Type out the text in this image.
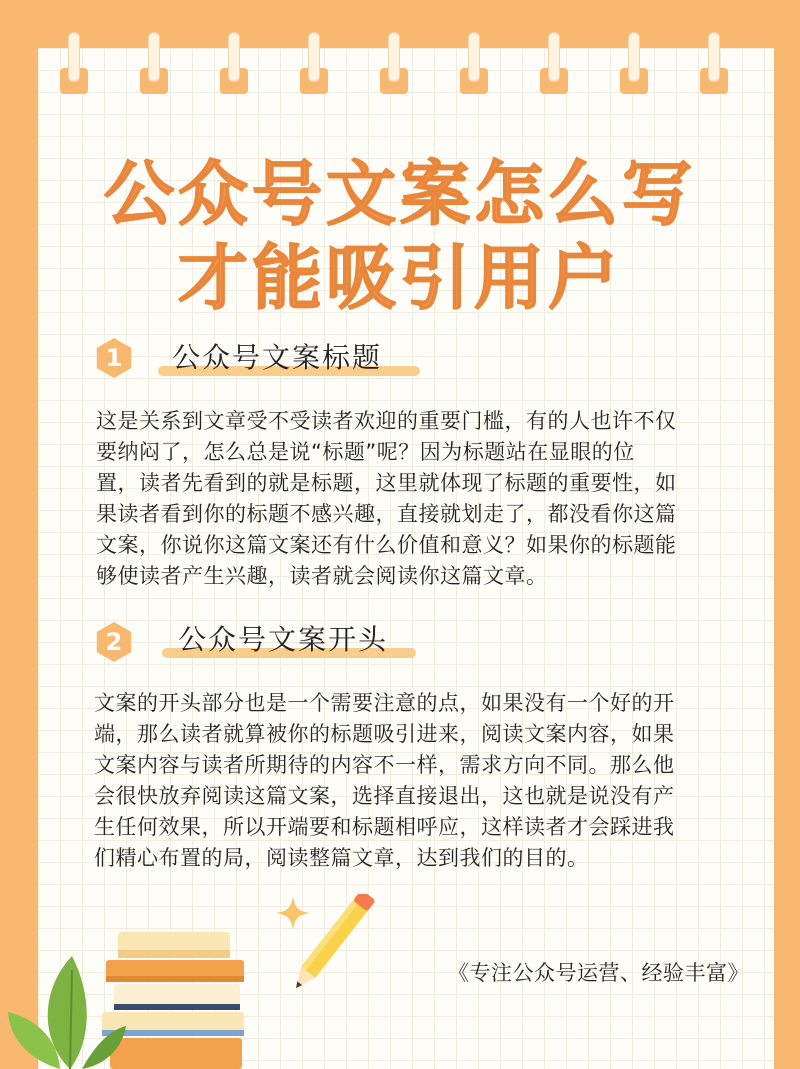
公众号文案怎么写
才能吸引用户
1	公众号文案标题
这是关系到文章受不受读者欢迎的重要门槛，有的人也许不仅
要纳闷了，怎么总是说“标题”呢？因为标题站在显眼的位
置，读者先看到的就是标题，这里就体现了标题的重要性，如
果读者看到你的标题不感兴趣，直接就划走了，都没看你这篇
文案，你说你这篇文案还有什么价值和意义？如果你的标题能
够使读者产生兴趣，读者就会阅读你这篇文章。
2	公众号文案开头
文案的开头部分也是一个需要注意的点，如果没有一个好的开
端，那么读者就算被你的标题吸引进来，阅读文案内容，如果
文案内容与读者所期待的内容不一样，需求方向不同。那么他
会很快放弃阅读这篇文案，选择直接退出，这也就是说没有产
生任何效果，所以开端要和标题相呼应，这样读者才会踩进我
们精心布置的局，阅读整篇文章，达到我们的目的。
《专注公众号运营、经验丰富》
